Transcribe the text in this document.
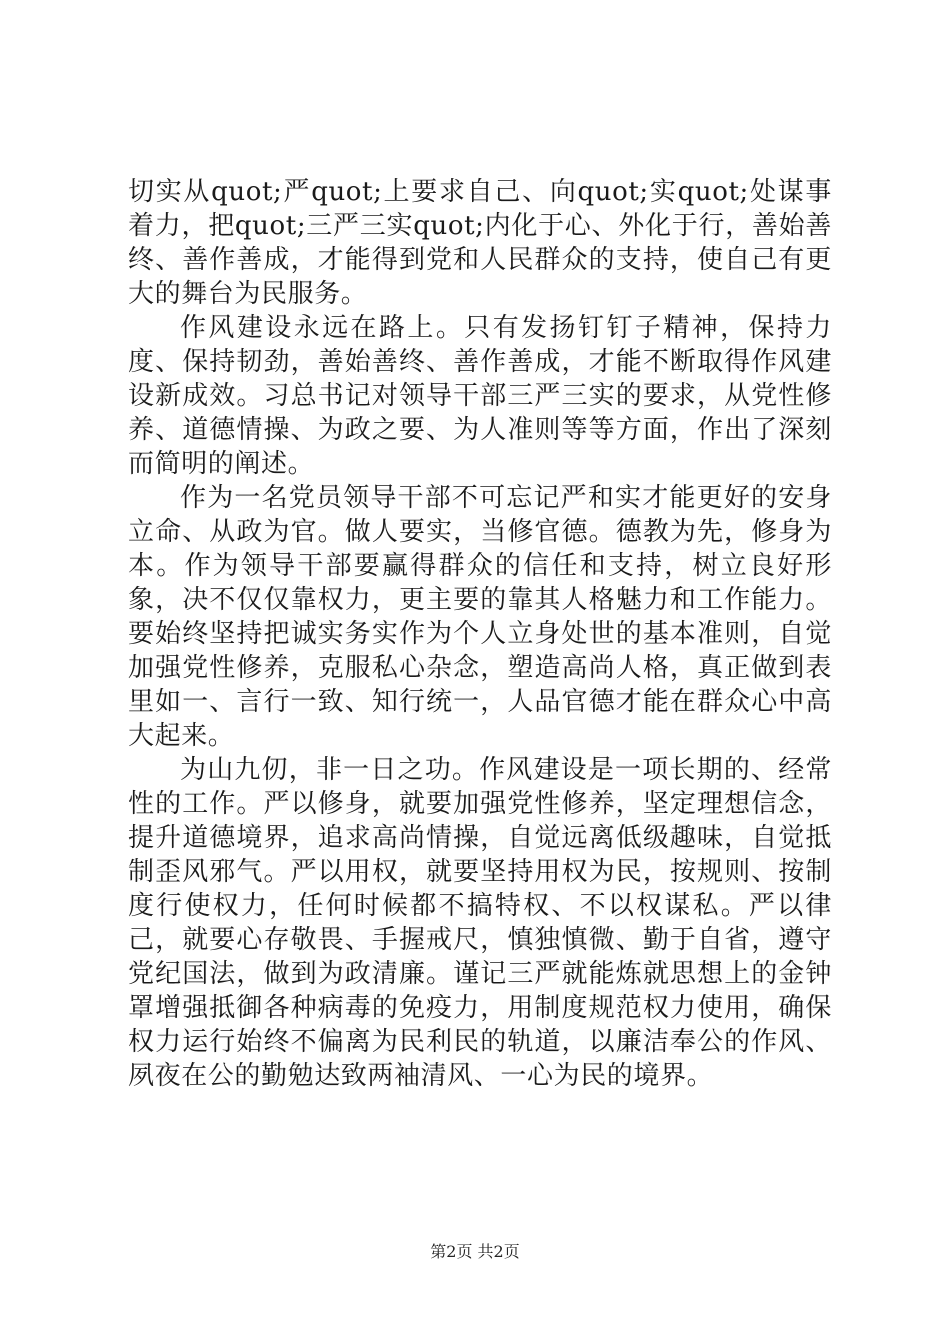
切实从quot;严quot;上要求自己、向quot;实quot;处谋事着力，把quot;三严三实quot;内化于心、外化于行，善始善终、善作善成，才能得到党和人民群众的支持，使自己有更大的舞台为民服务。

作风建设永远在路上。只有发扬钉钉子精神，保持力度、保持韧劲，善始善终、善作善成，才能不断取得作风建设新成效。习总书记对领导干部三严三实的要求，从党性修养、道德情操、为政之要、为人准则等等方面，作出了深刻而简明的阐述。

作为一名党员领导干部不可忘记严和实才能更好的安身立命、从政为官。做人要实，当修官德。德教为先，修身为本。作为领导干部要赢得群众的信任和支持，树立良好形象，决不仅仅靠权力，更主要的靠其人格魅力和工作能力。要始终坚持把诚实务实作为个人立身处世的基本准则，自觉加强党性修养，克服私心杂念，塑造高尚人格，真正做到表里如一、言行一致、知行统一，人品官德才能在群众心中高大起来。

为山九仞，非一日之功。作风建设是一项长期的、经常性的工作。严以修身，就要加强党性修养，坚定理想信念，提升道德境界，追求高尚情操，自觉远离低级趣味，自觉抵制歪风邪气。严以用权，就要坚持用权为民，按规则、按制度行使权力，任何时候都不搞特权、不以权谋私。严以律己，就要心存敬畏、手握戒尺，慎独慎微、勤于自省，遵守党纪国法，做到为政清廉。谨记三严就能炼就思想上的金钟罩增强抵御各种病毒的免疫力，用制度规范权力使用，确保权力运行始终不偏离为民利民的轨道，以廉洁奉公的作风、夙夜在公的勤勉达致两袖清风、一心为民的境界。

第2页 共2页
